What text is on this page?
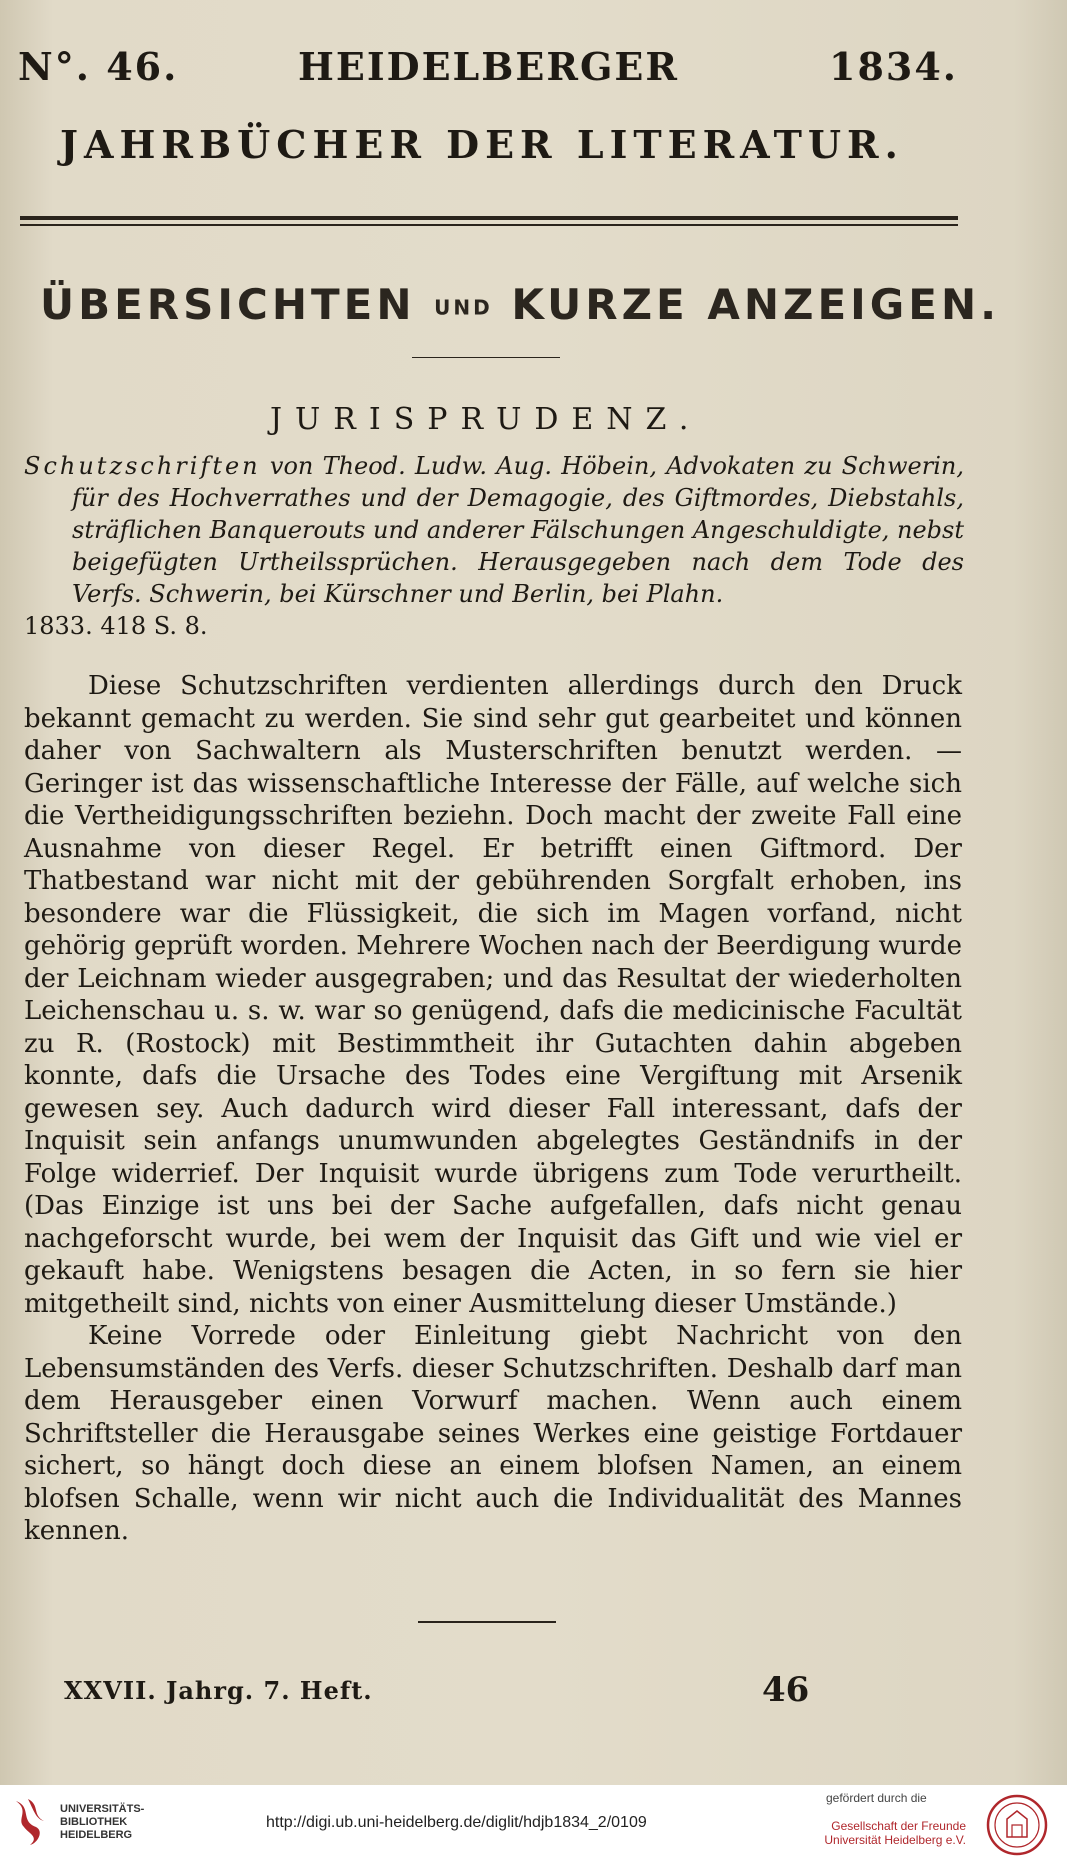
N°. 46.	HEIDELBERGER	1834.
JAHRBÜCHER DER LITERATUR.
ÜBERSICHTEN UND KURZE ANZEIGEN.
JURISPRUDENZ.

Schutzschriften von Theod. Ludw. Aug. Höbein, Advokaten zu Schwerin, für des Hochverrathes und der Demagogie, des Giftmordes, Diebstahls, sträflichen Banquerouts und anderer Fälschungen Angeschuldigte, nebst beigefügten Urtheilssprüchen. Herausgegeben nach dem Tode des Verfs. Schwerin, bei Kürschner und Berlin, bei Plahn.

1833. 418 S. 8.

Diese Schutzschriften verdienten allerdings durch den Druck bekannt gemacht zu werden. Sie sind sehr gut gearbeitet und können daher von Sachwaltern als Musterschriften benutzt werden. — Geringer ist das wissenschaftliche Interesse der Fälle, auf welche sich die Vertheidigungsschriften beziehn. Doch macht der zweite Fall eine Ausnahme von dieser Regel. Er betrifft einen Giftmord. Der Thatbestand war nicht mit der gebührenden Sorgfalt erhoben, ins besondere war die Flüssigkeit, die sich im Magen vorfand, nicht gehörig geprüft worden. Mehrere Wochen nach der Beerdigung wurde der Leichnam wieder ausgegraben; und das Resultat der wiederholten Leichenschau u. s. w. war so genügend, dafs die medicinische Facultät zu R. (Rostock) mit Bestimmtheit ihr Gutachten dahin abgeben konnte, dafs die Ursache des Todes eine Vergiftung mit Arsenik gewesen sey. Auch dadurch wird dieser Fall interessant, dafs der Inquisit sein anfangs unumwunden abgelegtes Geständnifs in der Folge widerrief. Der Inquisit wurde übrigens zum Tode verurtheilt. (Das Einzige ist uns bei der Sache aufgefallen, dafs nicht genau nachgeforscht wurde, bei wem der Inquisit das Gift und wie viel er gekauft habe. Wenigstens besagen die Acten, in so fern sie hier mitgetheilt sind, nichts von einer Ausmittelung dieser Umstände.)

Keine Vorrede oder Einleitung giebt Nachricht von den Lebensumständen des Verfs. dieser Schutzschriften. Deshalb darf man dem Herausgeber einen Vorwurf machen. Wenn auch einem Schriftsteller die Herausgabe seines Werkes eine geistige Fortdauer sichert, so hängt doch diese an einem blofsen Namen, an einem blofsen Schalle, wenn wir nicht auch die Individualität des Mannes kennen.

XXVII. Jahrg. 7. Heft.	46
UNIVERSITÄTS-
BIBLIOTHEK
HEIDELBERG
http://digi.ub.uni-heidelberg.de/diglit/hdjb1834_2/0109
gefördert durch die
Gesellschaft der Freunde
Universität Heidelberg e.V.
